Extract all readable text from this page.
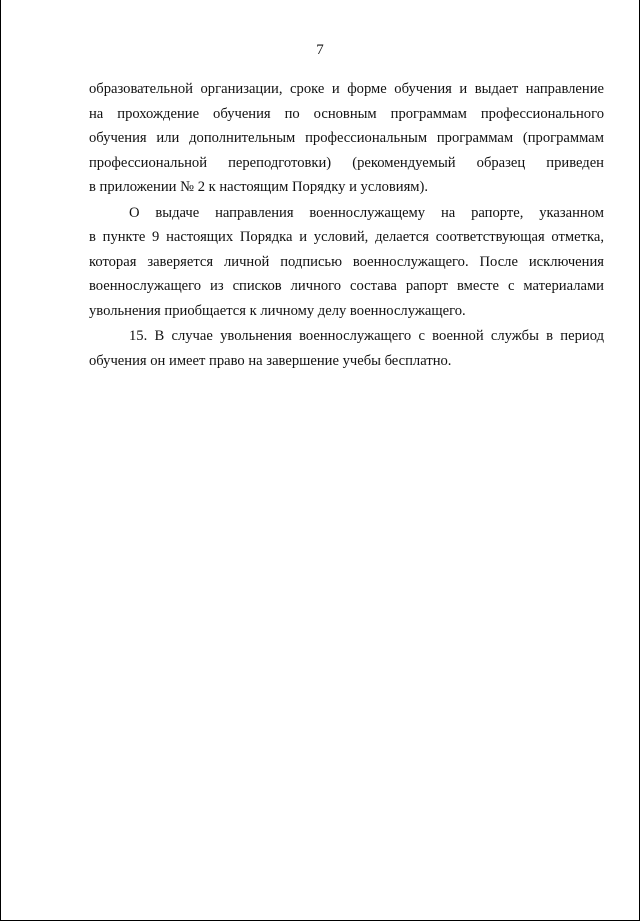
7
образовательной организации, сроке и форме обучения и выдает направление
на прохождение обучения по основным программам профессионального
обучения или дополнительным профессиональным программам (программам
профессиональной переподготовки) (рекомендуемый образец приведен
в приложении № 2 к настоящим Порядку и условиям).
О выдаче направления военнослужащему на рапорте, указанном
в пункте 9 настоящих Порядка и условий, делается соответствующая отметка,
которая заверяется личной подписью военнослужащего. После исключения
военнослужащего из списков личного состава рапорт вместе с материалами
увольнения приобщается к личному делу военнослужащего.
15. В случае увольнения военнослужащего с военной службы в период
обучения он имеет право на завершение учебы бесплатно.
